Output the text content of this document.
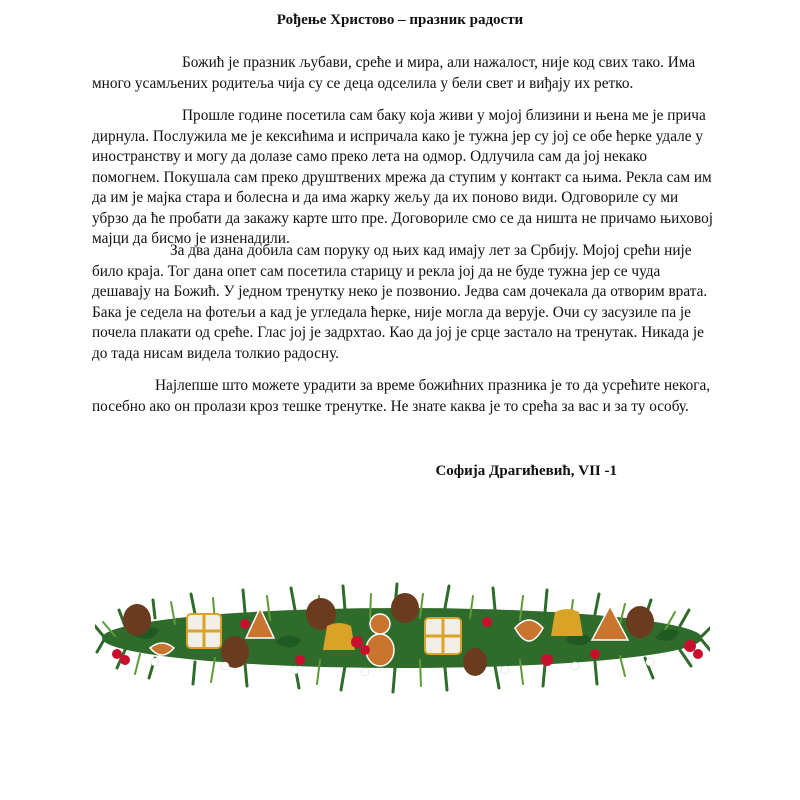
Рођење Христово – празник радости

Божић је празник љубави, среће и мира, али нажалост, није код свих тако. Има много усамљених родитеља чија су се деца одселила у бели свет и виђају их ретко.

Прошле године посетила сам баку која живи у мојој близини и њена ме је прича дирнула. Послужила ме је кексићима и испричала како је тужна јер су јој се обе ћерке удале у иностранству и могу да долазе само преко лета на одмор. Одлучила сам да јој некако помогнем. Покушала сам преко друштвених мрежа да ступим у контакт са њима. Рекла сам им да им је мајка стара и болесна и да има жарку жељу да их поново види. Одговориле су ми убрзо да ће пробати да закажу карте што пре. Договориле смо се да ништа не причамо њиховој мајци да бисмо је изненадили.

За два дана добила сам поруку од њих кад имају лет за Србију. Мојој срећи није било краја. Тог дана опет сам посетила старицу и рекла јој да не буде тужна јер се чуда дешавају на Божић. У једном тренутку неко је позвонио. Једва сам дочекала да отворим врата. Бака је седела на фотељи а кад је угледала ћерке, није могла да верује. Очи су засузиле па је почела плакати од среће. Глас јој је задрхтао. Као да јој је срце застало на тренутак. Никада је до тада нисам видела толкио радосну.

Најлепше што можете урадити за време божићних празника је то да усрећите некога, посебно ако он пролази кроз тешке тренутке. Не знате каква је то срећа за вас и за ту особу.

Софија Драгићевић, VII -1
